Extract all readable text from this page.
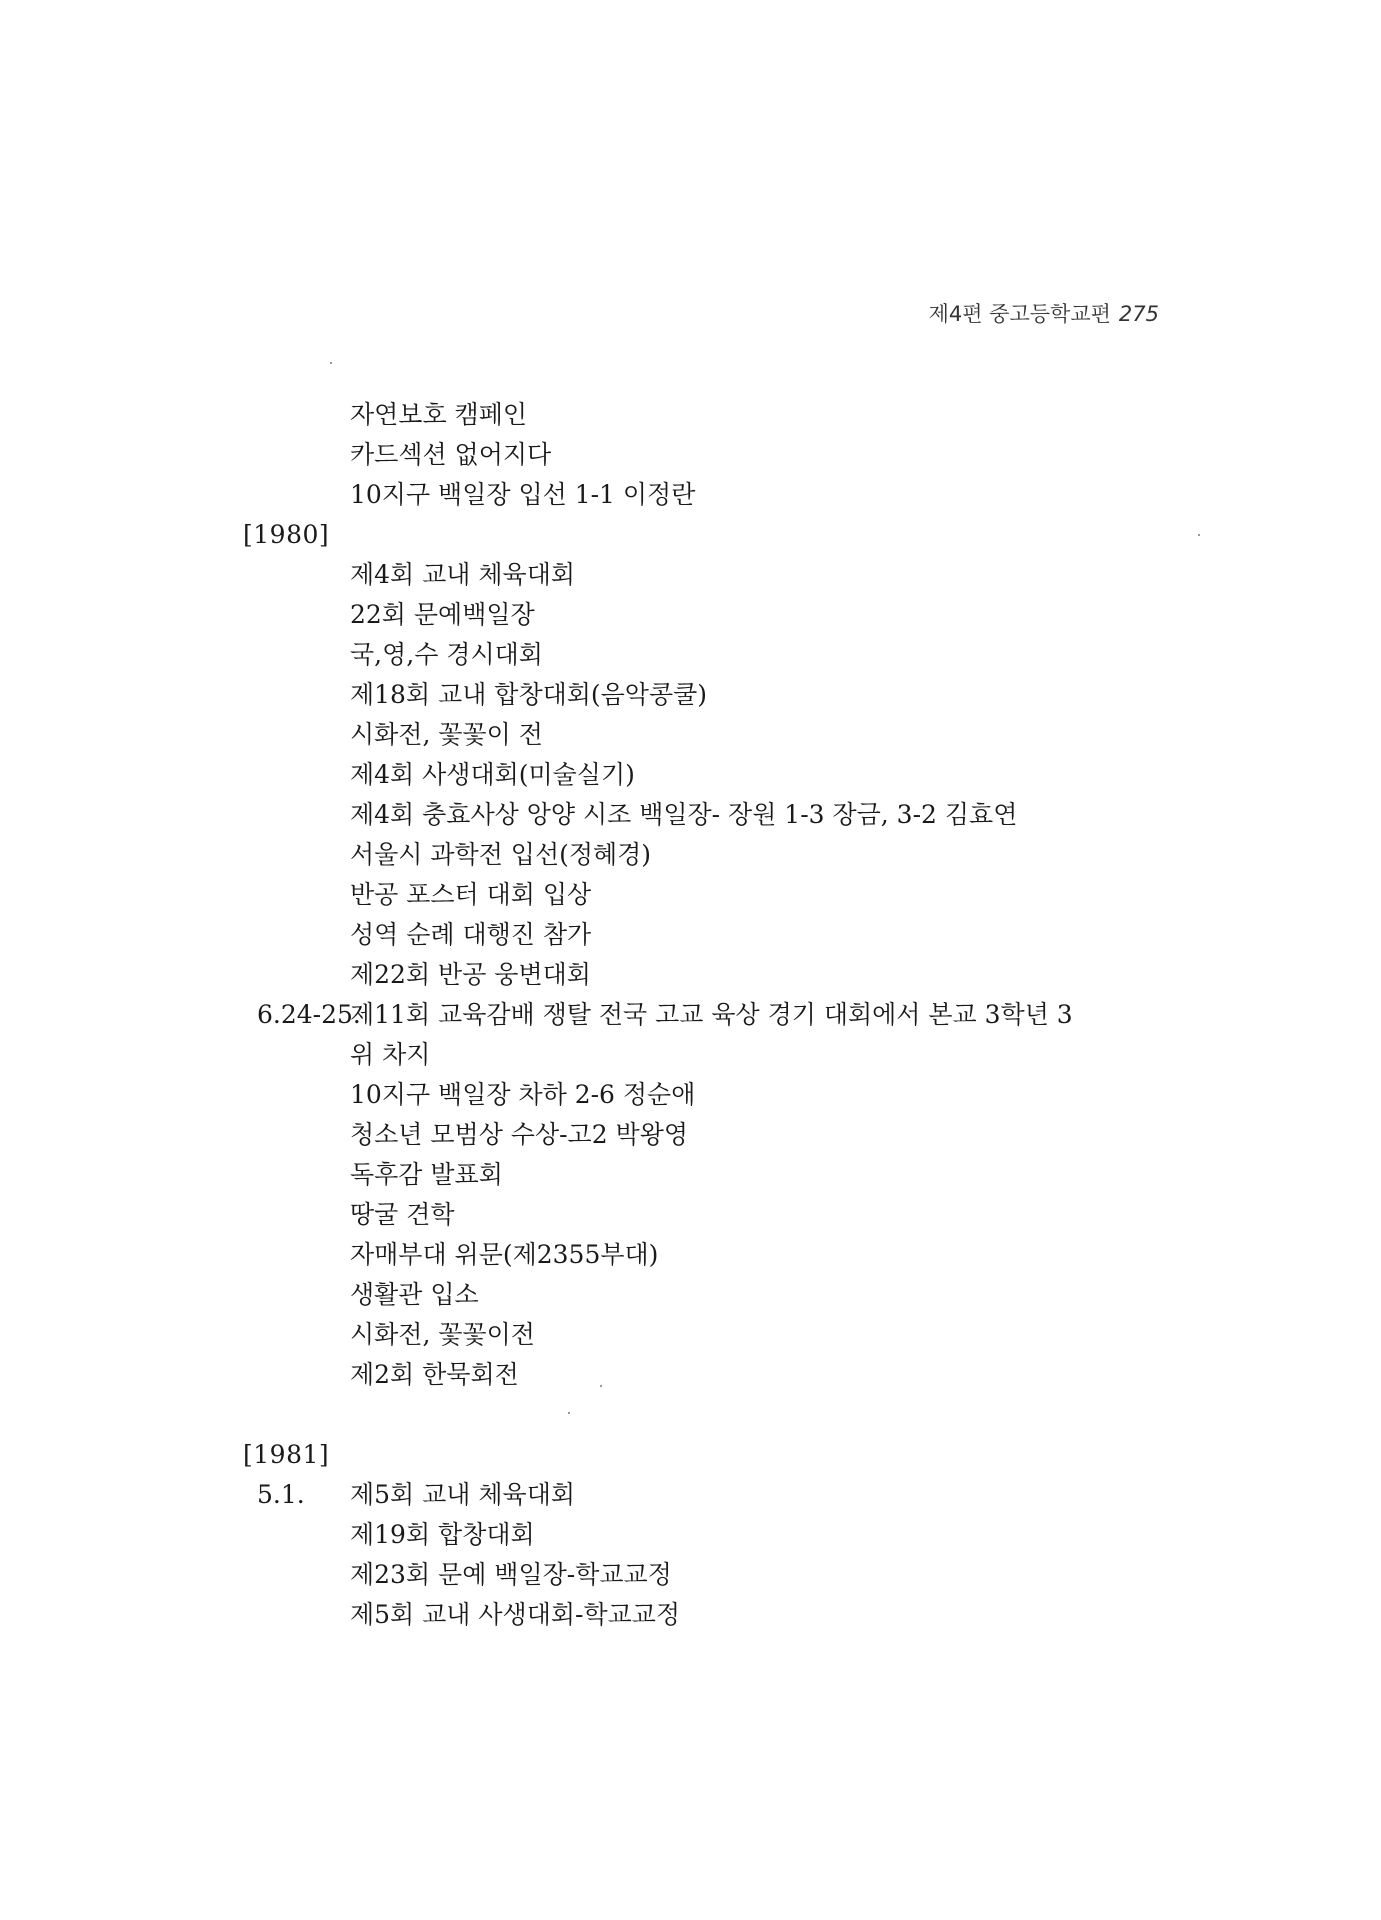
제4편 중고등학교편 275
자연보호 캠페인
카드섹션 없어지다
10지구 백일장 입선 1-1 이정란
[1980]
제4회 교내 체육대회
22회 문예백일장
국,영,수 경시대회
제18회 교내 합창대회(음악콩쿨)
시화전, 꽃꽃이 전
제4회 사생대회(미술실기)
제4회 충효사상 앙양 시조 백일장- 장원 1-3 장금, 3-2 김효연
서울시 과학전 입선(정혜경)
반공 포스터 대회 입상
성역 순례 대행진 참가
제22회 반공 웅변대회
6.24-25.
제11회 교육감배 쟁탈 전국 고교 육상 경기 대회에서 본교 3학년 3
위 차지
10지구 백일장 차하 2-6 정순애
청소년 모범상 수상-고2 박왕영
독후감 발표회
땅굴 견학
자매부대 위문(제2355부대)
생활관 입소
시화전, 꽃꽃이전
제2회 한묵회전
[1981]
5.1. 제5회 교내 체육대회
제19회 합창대회
제23회 문예 백일장-학교교정
제5회 교내 사생대회-학교교정
